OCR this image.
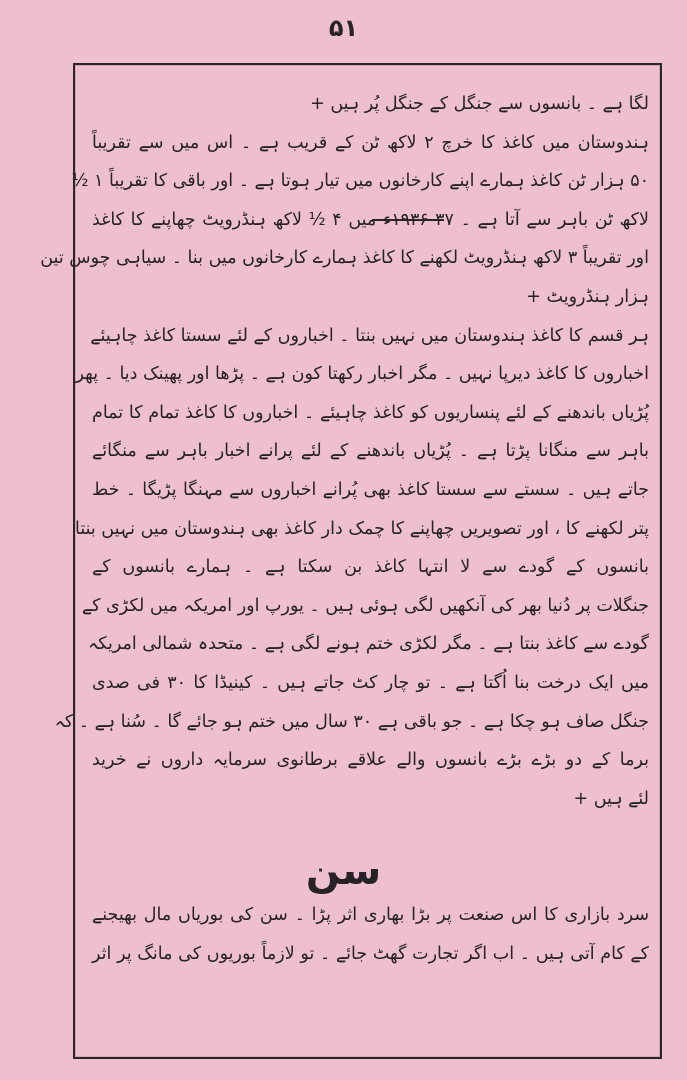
۵۱
لگا ہے ۔ بانسوں سے جنگل کے جنگل پُر ہیں +
ہندوستان میں کاغذ کا خرچ ۲ لاکھ ٹن کے قریب ہے ۔ اس میں سے تقریباً
۵۰ ہزار ٹن کاغذ ہمارے اپنے کارخانوں میں تیار ہوتا ہے ۔ اور باقی کا تقریباً ۱ ½
لاکھ ٹن باہر سے آتا ہے ۔ ۳۷-۱۹۳۶ء میں ۴ ½ لاکھ ہنڈرویٹ چھاپنے کا کاغذ
اور تقریباً ۳ لاکھ ہنڈرویٹ لکھنے کا کاغذ ہمارے کارخانوں میں بنا ۔ سیاہی چوس تین
ہزار ہنڈرویٹ +
ہر قسم کا کاغذ ہندوستان میں نہیں بنتا ۔ اخباروں کے لئے سستا کاغذ چاہیئے
اخباروں کا کاغذ دیرپا نہیں ۔ مگر اخبار رکھتا کون ہے ۔ پڑھا اور پھینک دیا ۔ پھر
پُڑیاں باندھنے کے لئے پنساریوں کو کاغذ چاہیئے ۔ اخباروں کا کاغذ تمام کا تمام
باہر سے منگانا پڑتا ہے ۔ پُڑیاں باندھنے کے لئے پرانے اخبار باہر سے منگائے
جاتے ہیں ۔ سستے سے سستا کاغذ بھی پُرانے اخباروں سے مہنگا پڑیگا ۔ خط
پتر لکھنے کا ، اور تصویریں چھاپنے کا چمک دار کاغذ بھی ہندوستان میں نہیں بنتا
بانسوں کے گودے سے لا انتہا کاغذ بن سکتا ہے ۔ ہمارے بانسوں کے
جنگلات پر دُنیا بھر کی آنکھیں لگی ہوئی ہیں ۔ یورپ اور امریکہ میں لکڑی کے
گودے سے کاغذ بنتا ہے ۔ مگر لکڑی ختم ہونے لگی ہے ۔ متحدہ شمالی امریکہ
میں ایک درخت بنا اُگتا ہے ۔ تو چار کٹ جاتے ہیں ۔ کینیڈا کا ۳۰ فی صدی
جنگل صاف ہو چکا ہے ۔ جو باقی ہے ۳۰ سال میں ختم ہو جائے گا ۔ سُنا ہے ۔ کہ
برما کے دو بڑے بڑے بانسوں والے علاقے برطانوی سرمایہ داروں نے خرید
لئے ہیں +
سن
سرد بازاری کا اس صنعت پر بڑا بھاری اثر پڑا ۔ سن کی بوریاں مال بھیجنے
کے کام آتی ہیں ۔ اب اگر تجارت گھٹ جائے ۔ تو لازماً بوریوں کی مانگ پر اثر
